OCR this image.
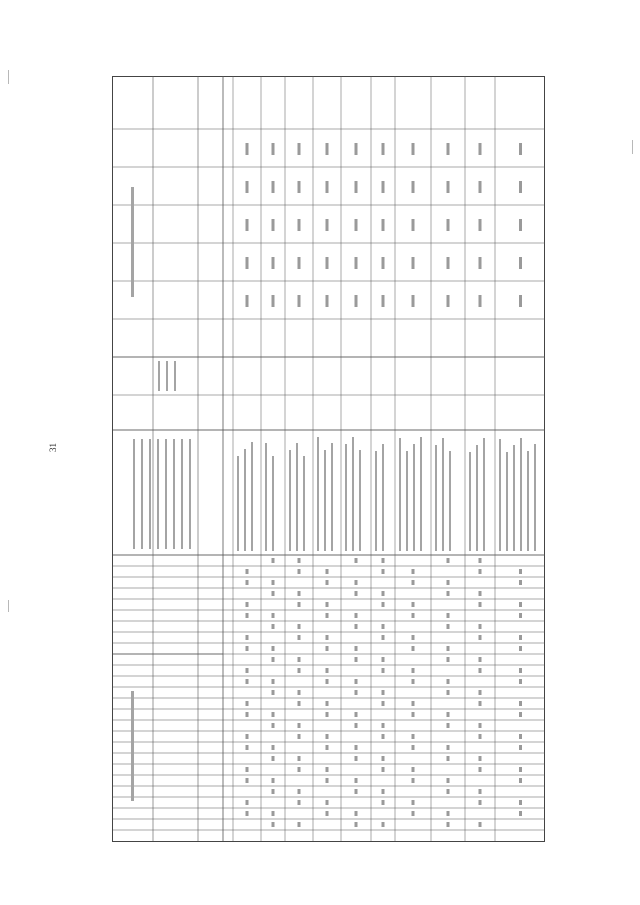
31
